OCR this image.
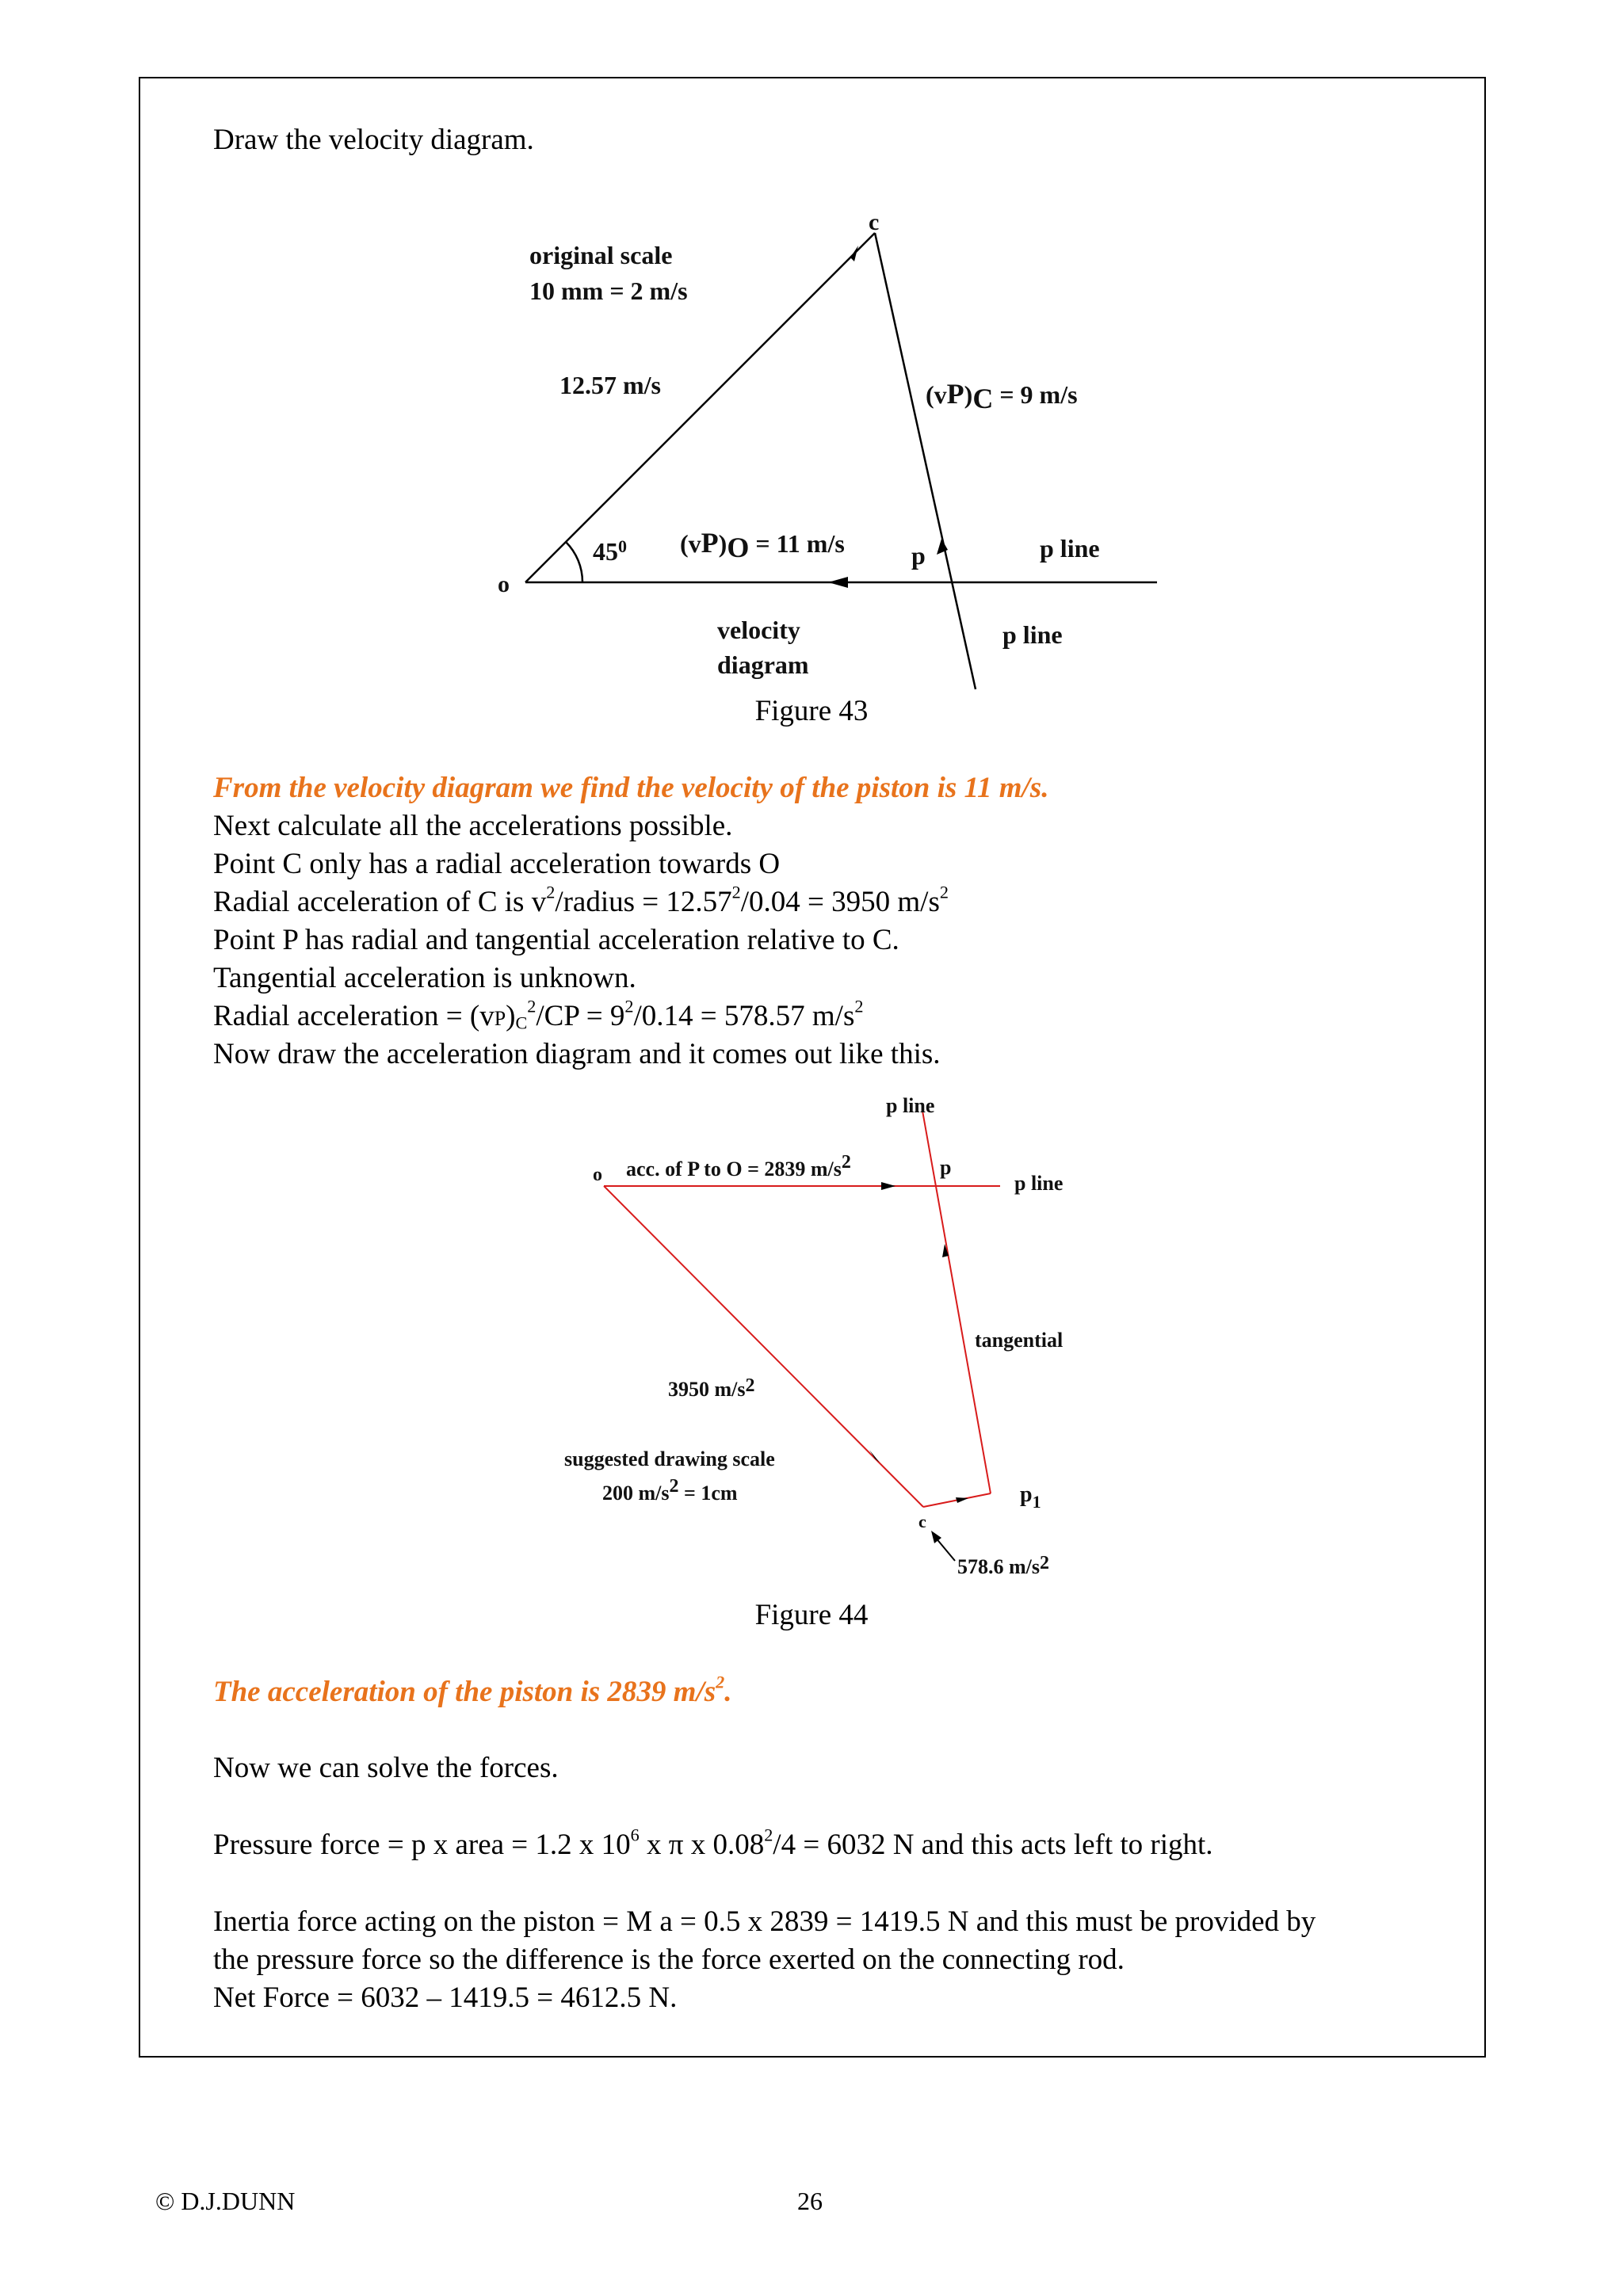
Draw the velocity diagram.
c
original scale
10 mm = 2 m/s
12.57 m/s	(vP)C = 9 m/s
$45^0$ (vP)O = 11 m/s	p	p line
o
velocity
diagram
p line
Figure 43
From the velocity diagram we find the velocity of the piston is 11 m/s.
Next calculate all the accelerations possible.
Point C only has a radial acceleration towards O
Radial acceleration of C is $v^2$/radius = $12.57^2/0.04 = 3950$ $m/s^2$
Point P has radial and tangential acceleration relative to C.
Tangential acceleration is unknown.
Radial acceleration = $(vP)_C^2/CP = 9^2/0.14 = 578.57$ $m/s^2$
Now draw the acceleration diagram and it comes out like this.
p line
o acc. of P to O = 2839 m/s2	p
p line
tangential
3950 m/s2
suggested drawing scale
200 m/s2 = 1cm	$p_1$
c
578.6 m/s2
Figure 44
The acceleration of the piston is 2839 $m/s^2$.
Now we can solve the forces.
Pressure force = p x area = 1.2 x $10^6$ x π x $0.08^2/4 = 6032$ N and this acts left to right.
Inertia force acting on the piston = M a = 0.5 x 2839 = 1419.5 N and this must be provided by
the pressure force so the difference is the force exerted on the connecting rod.
Net Force = 6032 – 1419.5 = 4612.5 N.
© D.J.DUNN	26
